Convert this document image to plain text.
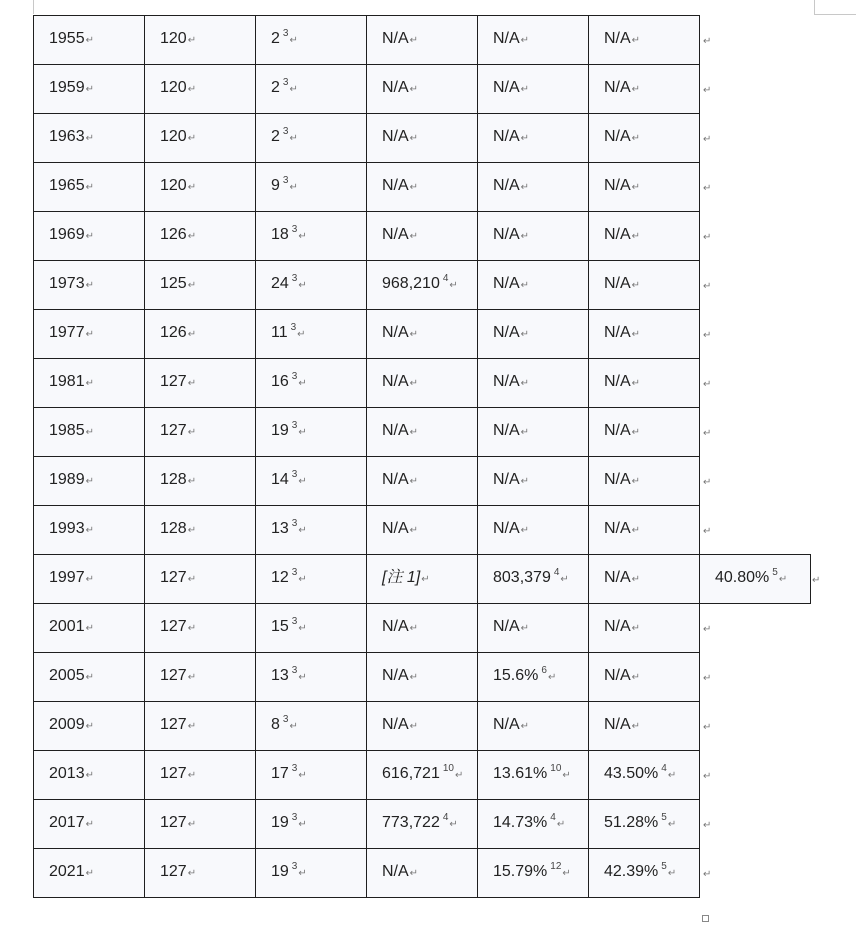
1955↵	120↵	2 $^3$↵	N/A↵	N/A↵	N/A↵	↵	
1959↵	120↵	2 $^3$↵	N/A↵	N/A↵	N/A↵	↵	
1963↵	120↵	2 $^3$↵	N/A↵	N/A↵	N/A↵	↵	
1965↵	120↵	9 $^3$↵	N/A↵	N/A↵	N/A↵	↵	
1969↵	126↵	18 $^3$↵	N/A↵	N/A↵	N/A↵	↵	
1973↵	125↵	24 $^3$↵	968,210 $^4$↵	N/A↵	N/A↵	↵	
1977↵	126↵	11 $^3$↵	N/A↵	N/A↵	N/A↵	↵	
1981↵	127↵	16 $^3$↵	N/A↵	N/A↵	N/A↵	↵	
1985↵	127↵	19 $^3$↵	N/A↵	N/A↵	N/A↵	↵	
1989↵	128↵	14 $^3$↵	N/A↵	N/A↵	N/A↵	↵	
1993↵	128↵	13 $^3$↵	N/A↵	N/A↵	N/A↵	↵	
1997↵	127↵	12 $^3$↵	[注 1]↵	803,379 $^4$↵	N/A↵	40.80% $^5$↵	↵
2001↵	127↵	15 $^3$↵	N/A↵	N/A↵	N/A↵	↵	
2005↵	127↵	13 $^3$↵	N/A↵	15.6% $^6$↵	N/A↵	↵	
2009↵	127↵	8 $^3$↵	N/A↵	N/A↵	N/A↵	↵	
2013↵	127↵	17 $^3$↵	616,721 $^{10}$↵	13.61% $^{10}$↵	43.50% $^4$↵	↵	
2017↵	127↵	19 $^3$↵	773,722 $^4$↵	14.73% $^4$↵	51.28% $^5$↵	↵	
2021↵	127↵	19 $^3$↵	N/A↵	15.79% $^{12}$↵	42.39% $^5$↵	↵	
